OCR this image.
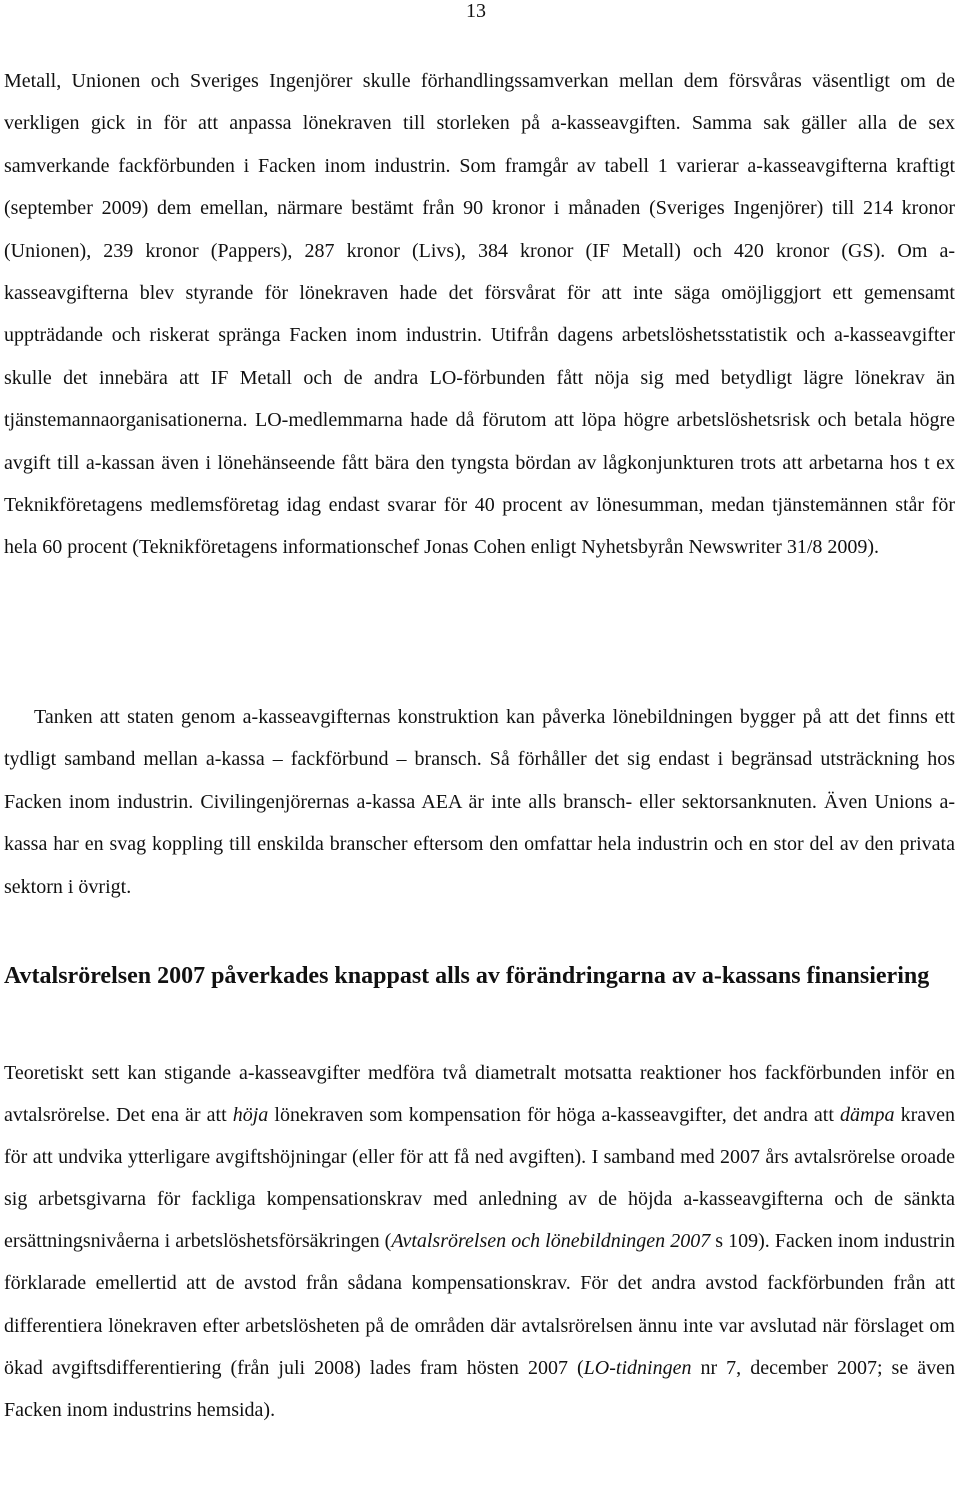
13

Metall, Unionen och Sveriges Ingenjörer skulle förhandlingssamverkan mellan dem försvåras väsentligt om de verkligen gick in för att anpassa lönekraven till storleken på a-kasseavgiften. Samma sak gäller alla de sex samverkande fackförbunden i Facken inom industrin. Som framgår av tabell 1 varierar a-kasseavgifterna kraftigt (september 2009) dem emellan, närmare bestämt från 90 kronor i månaden (Sveriges Ingenjörer) till 214 kronor (Unionen), 239 kronor (Pappers), 287 kronor (Livs), 384 kronor (IF Metall) och 420 kronor (GS). Om a-kasseavgifterna blev styrande för lönekraven hade det försvårat för att inte säga omöjliggjort ett gemensamt uppträdande och riskerat spränga Facken inom industrin. Utifrån dagens arbetslöshetsstatistik och a-kasseavgifter skulle det innebära att IF Metall och de andra LO-förbunden fått nöja sig med betydligt lägre lönekrav än tjänstemannaorganisationerna. LO-medlemmarna hade då förutom att löpa högre arbetslöshetsrisk och betala högre avgift till a-kassan även i lönehänseende fått bära den tyngsta bördan av lågkonjunkturen trots att arbetarna hos t ex Teknikföretagens medlemsföretag idag endast svarar för 40 procent av lönesumman, medan tjänstemännen står för hela 60 procent (Teknikföretagens informationschef Jonas Cohen enligt Nyhetsbyrån Newswriter 31/8 2009).

Tanken att staten genom a-kasseavgifternas konstruktion kan påverka lönebildningen bygger på att det finns ett tydligt samband mellan a-kassa – fackförbund – bransch. Så förhåller det sig endast i begränsad utsträckning hos Facken inom industrin. Civilingenjörernas a-kassa AEA är inte alls bransch- eller sektorsanknuten. Även Unions a-kassa har en svag koppling till enskilda branscher eftersom den omfattar hela industrin och en stor del av den privata sektorn i övrigt.

Avtalsrörelsen 2007 påverkades knappast alls av förändringarna av a-kassans finansiering

Teoretiskt sett kan stigande a-kasseavgifter medföra två diametralt motsatta reaktioner hos fackförbunden inför en avtalsrörelse. Det ena är att höja lönekraven som kompensation för höga a-kasseavgifter, det andra att dämpa kraven för att undvika ytterligare avgiftshöjningar (eller för att få ned avgiften). I samband med 2007 års avtalsrörelse oroade sig arbetsgivarna för fackliga kompensationskrav med anledning av de höjda a-kasseavgifterna och de sänkta ersättningsnivåerna i arbetslöshetsförsäkringen (Avtalsrörelsen och lönebildningen 2007 s 109). Facken inom industrin förklarade emellertid att de avstod från sådana kompensationskrav. För det andra avstod fackförbunden från att differentiera lönekraven efter arbetslösheten på de områden där avtalsrörelsen ännu inte var avslutad när förslaget om ökad avgiftsdifferentiering (från juli 2008) lades fram hösten 2007 (LO-tidningen nr 7, december 2007; se även Facken inom industrins hemsida).
